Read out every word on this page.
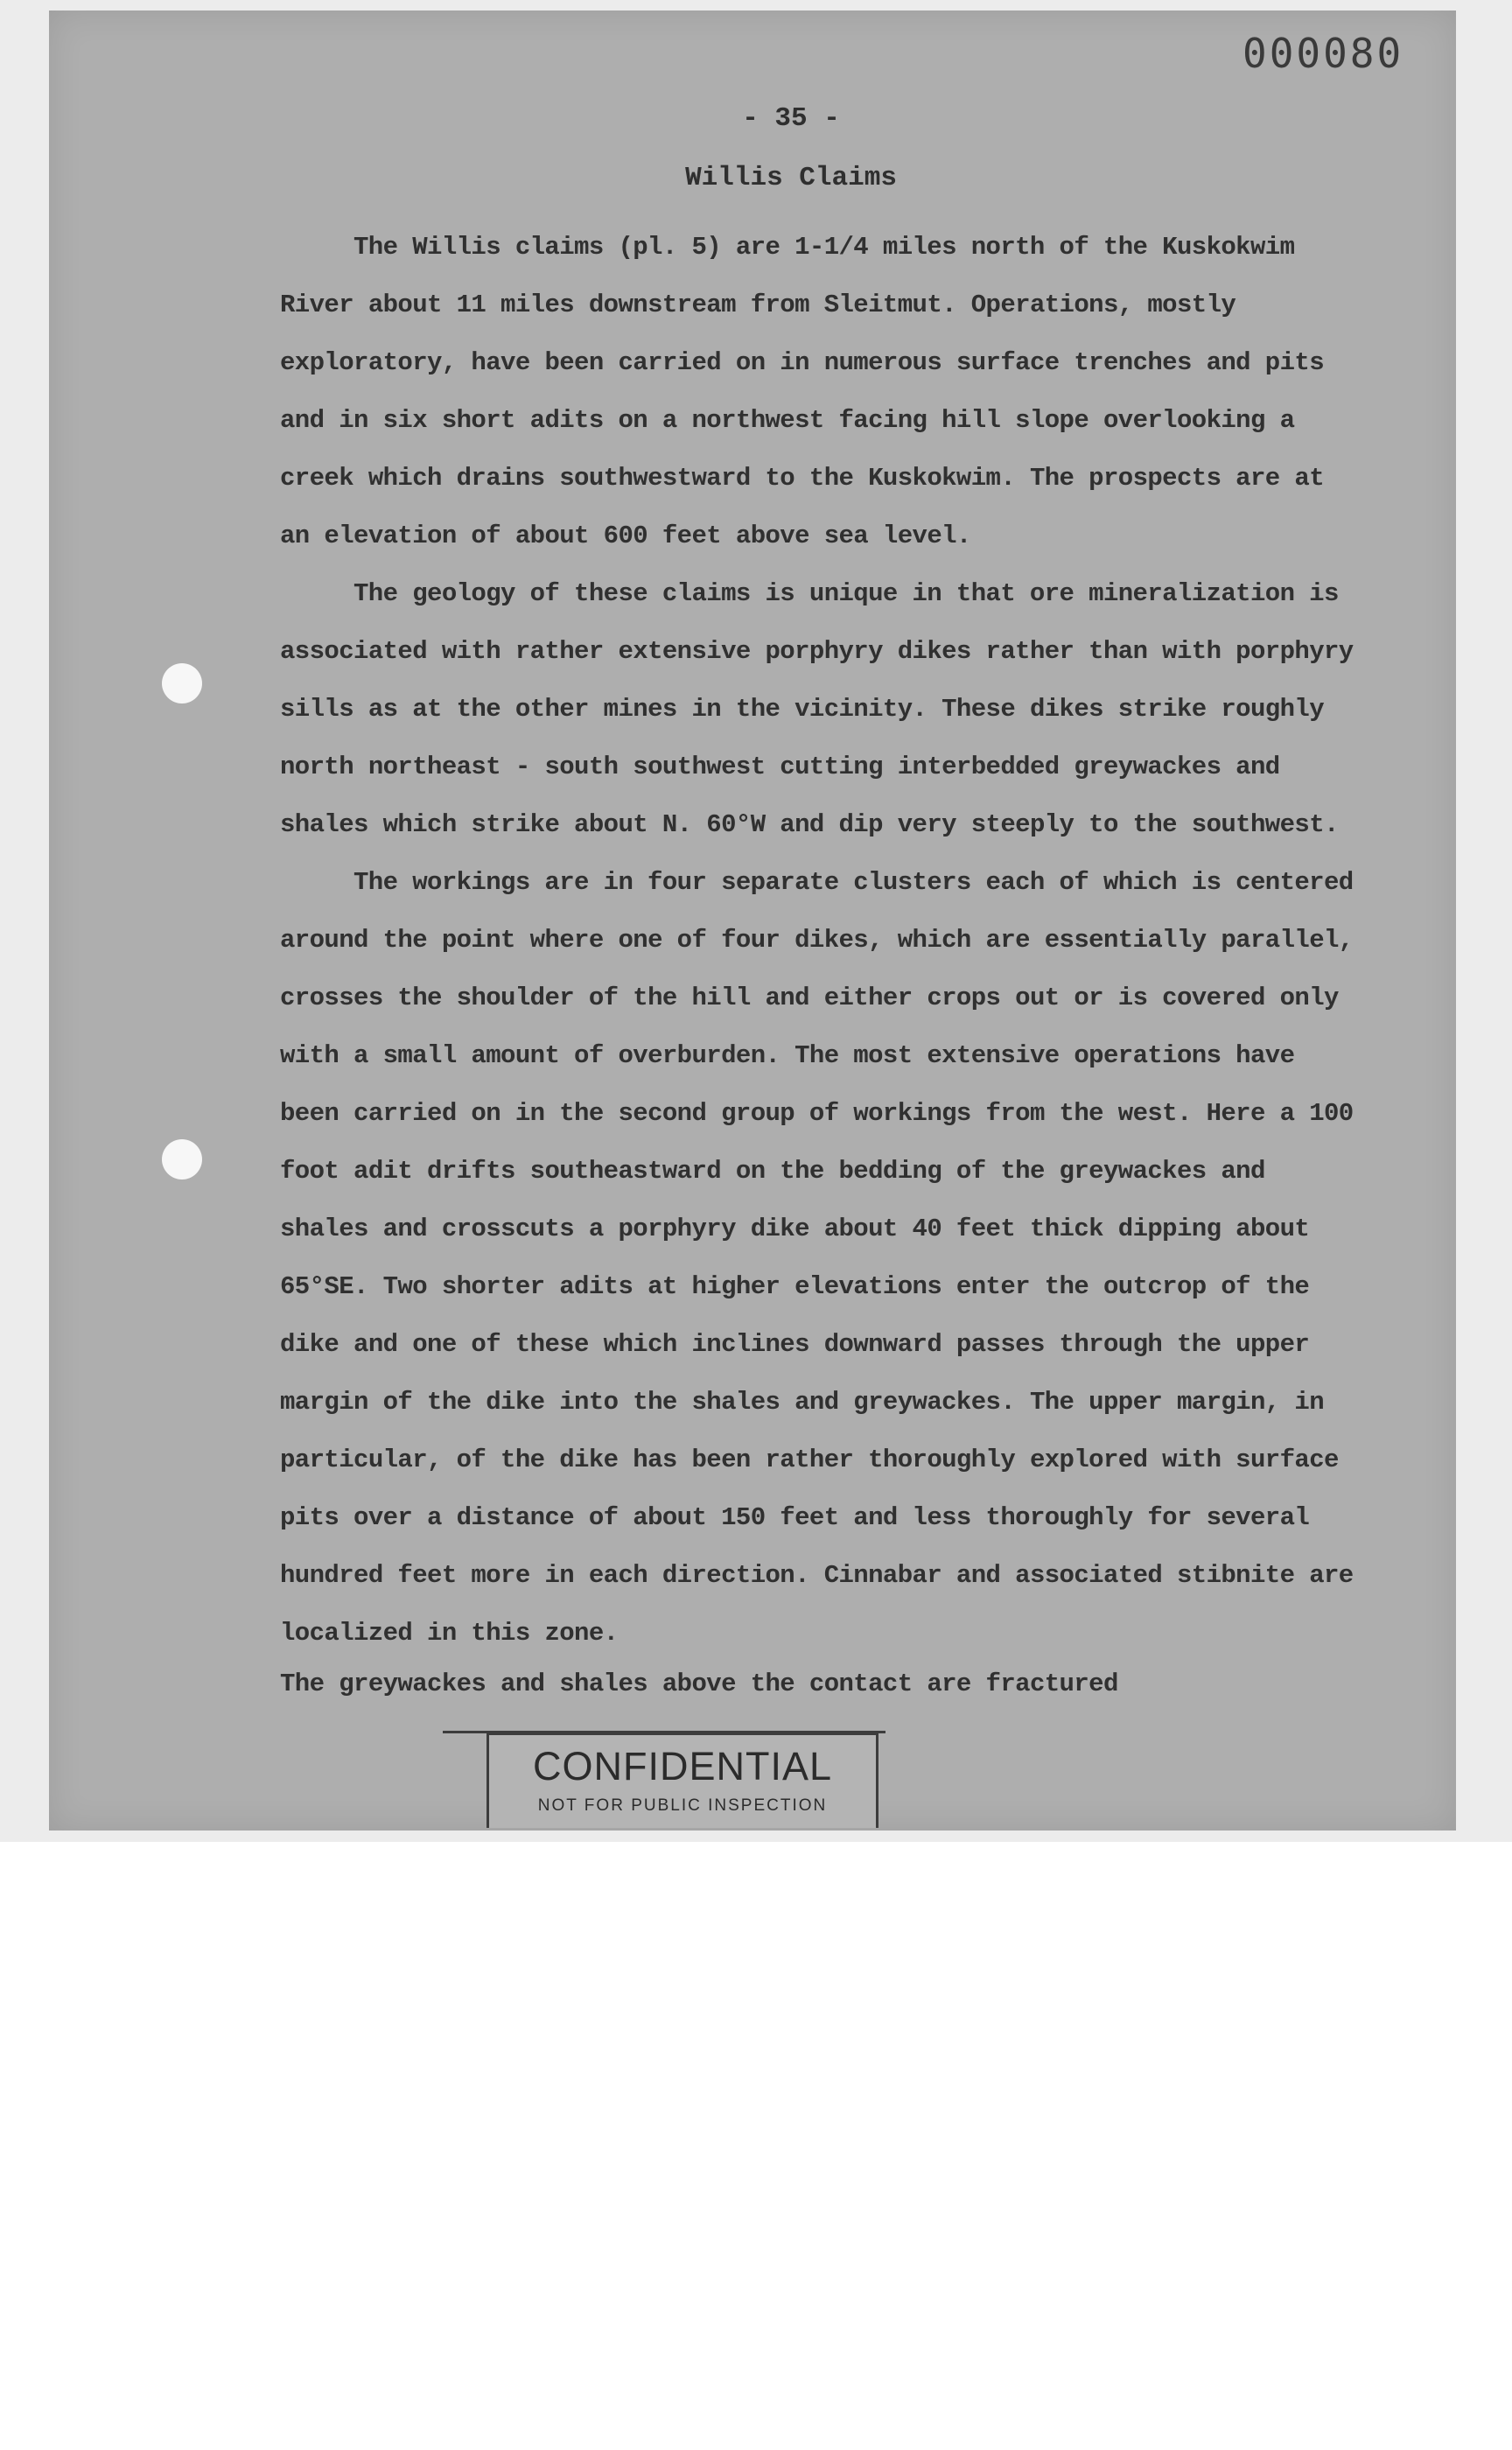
000080
- 35 -
Willis Claims

The Willis claims (pl. 5) are 1-1/4 miles north of the Kuskokwim River about 11 miles downstream from Sleitmut. Operations, mostly exploratory, have been carried on in numerous surface trenches and pits and in six short adits on a northwest facing hill slope overlooking a creek which drains southwestward to the Kuskokwim. The prospects are at an elevation of about 600 feet above sea level.

The geology of these claims is unique in that ore mineralization is associated with rather extensive porphyry dikes rather than with porphyry sills as at the other mines in the vicinity. These dikes strike roughly north northeast - south southwest cutting interbedded greywackes and shales which strike about N. 60°W and dip very steeply to the southwest.

The workings are in four separate clusters each of which is centered around the point where one of four dikes, which are essentially parallel, crosses the shoulder of the hill and either crops out or is covered only with a small amount of overburden. The most extensive operations have been carried on in the second group of workings from the west. Here a 100 foot adit drifts southeastward on the bedding of the greywackes and shales and crosscuts a porphyry dike about 40 feet thick dipping about 65°SE. Two shorter adits at higher elevations enter the outcrop of the dike and one of these which inclines downward passes through the upper margin of the dike into the shales and greywackes. The upper margin, in particular, of the dike has been rather thoroughly explored with surface pits over a distance of about 150 feet and less thoroughly for several hundred feet more in each direction. Cinnabar and associated stibnite are localized in this zone.

The greywackes and shales above the contact are fractured

CONFIDENTIAL
NOT FOR PUBLIC INSPECTION
